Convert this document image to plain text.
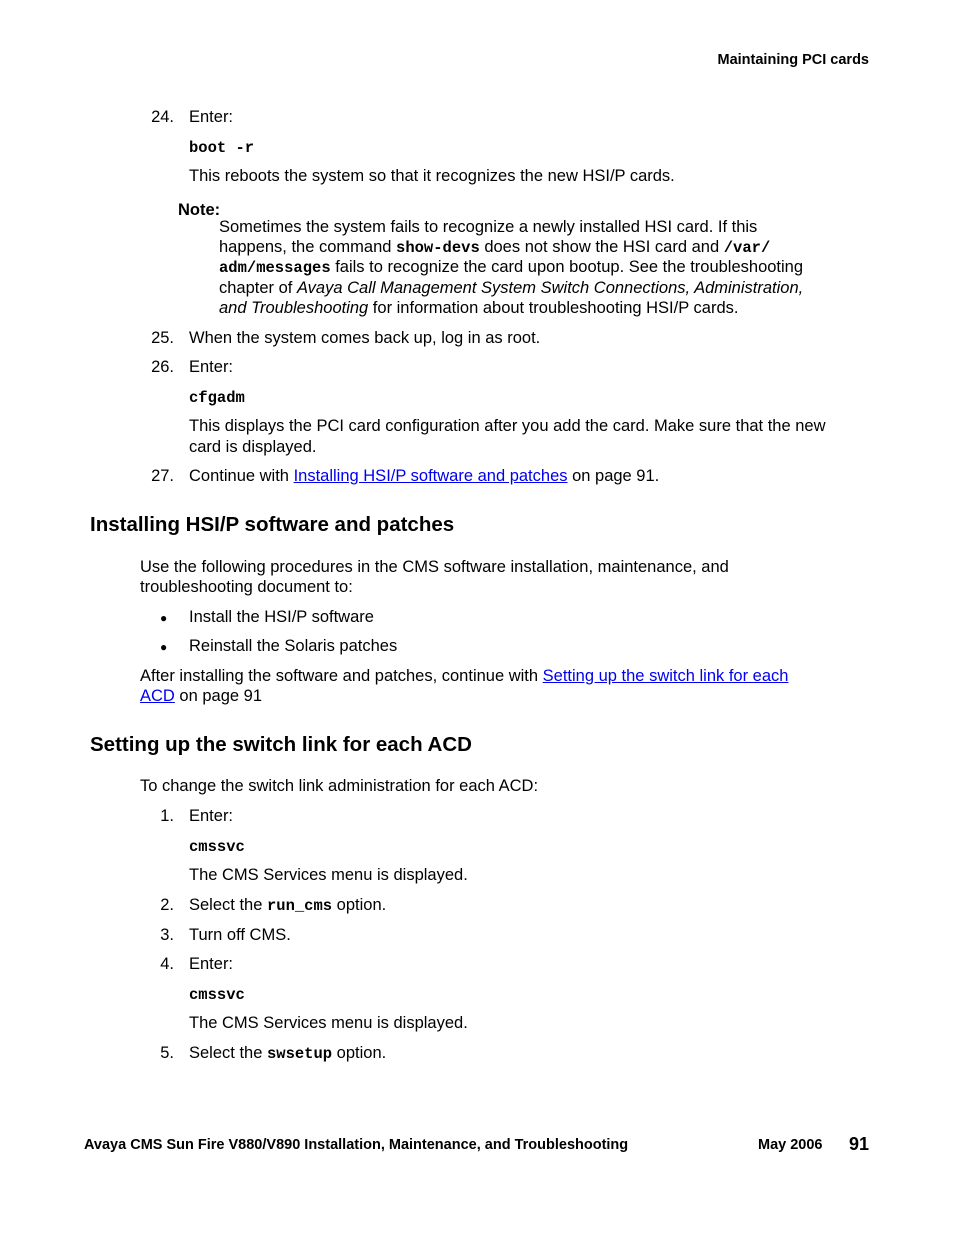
Maintaining PCI cards
24. Enter:
boot -r
This reboots the system so that it recognizes the new HSI/P cards.
Note:
Sometimes the system fails to recognize a newly installed HSI card. If this
happens, the command show-devs does not show the HSI card and /var/
adm/messages fails to recognize the card upon bootup. See the troubleshooting
chapter of Avaya Call Management System Switch Connections, Administration,
and Troubleshooting for information about troubleshooting HSI/P cards.
25. When the system comes back up, log in as root.
26. Enter:
cfgadm
This displays the PCI card configuration after you add the card. Make sure that the new
card is displayed.
27. Continue with Installing HSI/P software and patches on page 91.
Installing HSI/P software and patches
Use the following procedures in the CMS software installation, maintenance, and
troubleshooting document to:
● Install the HSI/P software
● Reinstall the Solaris patches
After installing the software and patches, continue with Setting up the switch link for each
ACD on page 91
Setting up the switch link for each ACD
To change the switch link administration for each ACD:
1. Enter:
cmssvc
The CMS Services menu is displayed.
2. Select the run_cms option.
3. Turn off CMS.
4. Enter:
cmssvc
The CMS Services menu is displayed.
5. Select the swsetup option.
Avaya CMS Sun Fire V880/V890 Installation, Maintenance, and Troubleshooting	May 2006 91
